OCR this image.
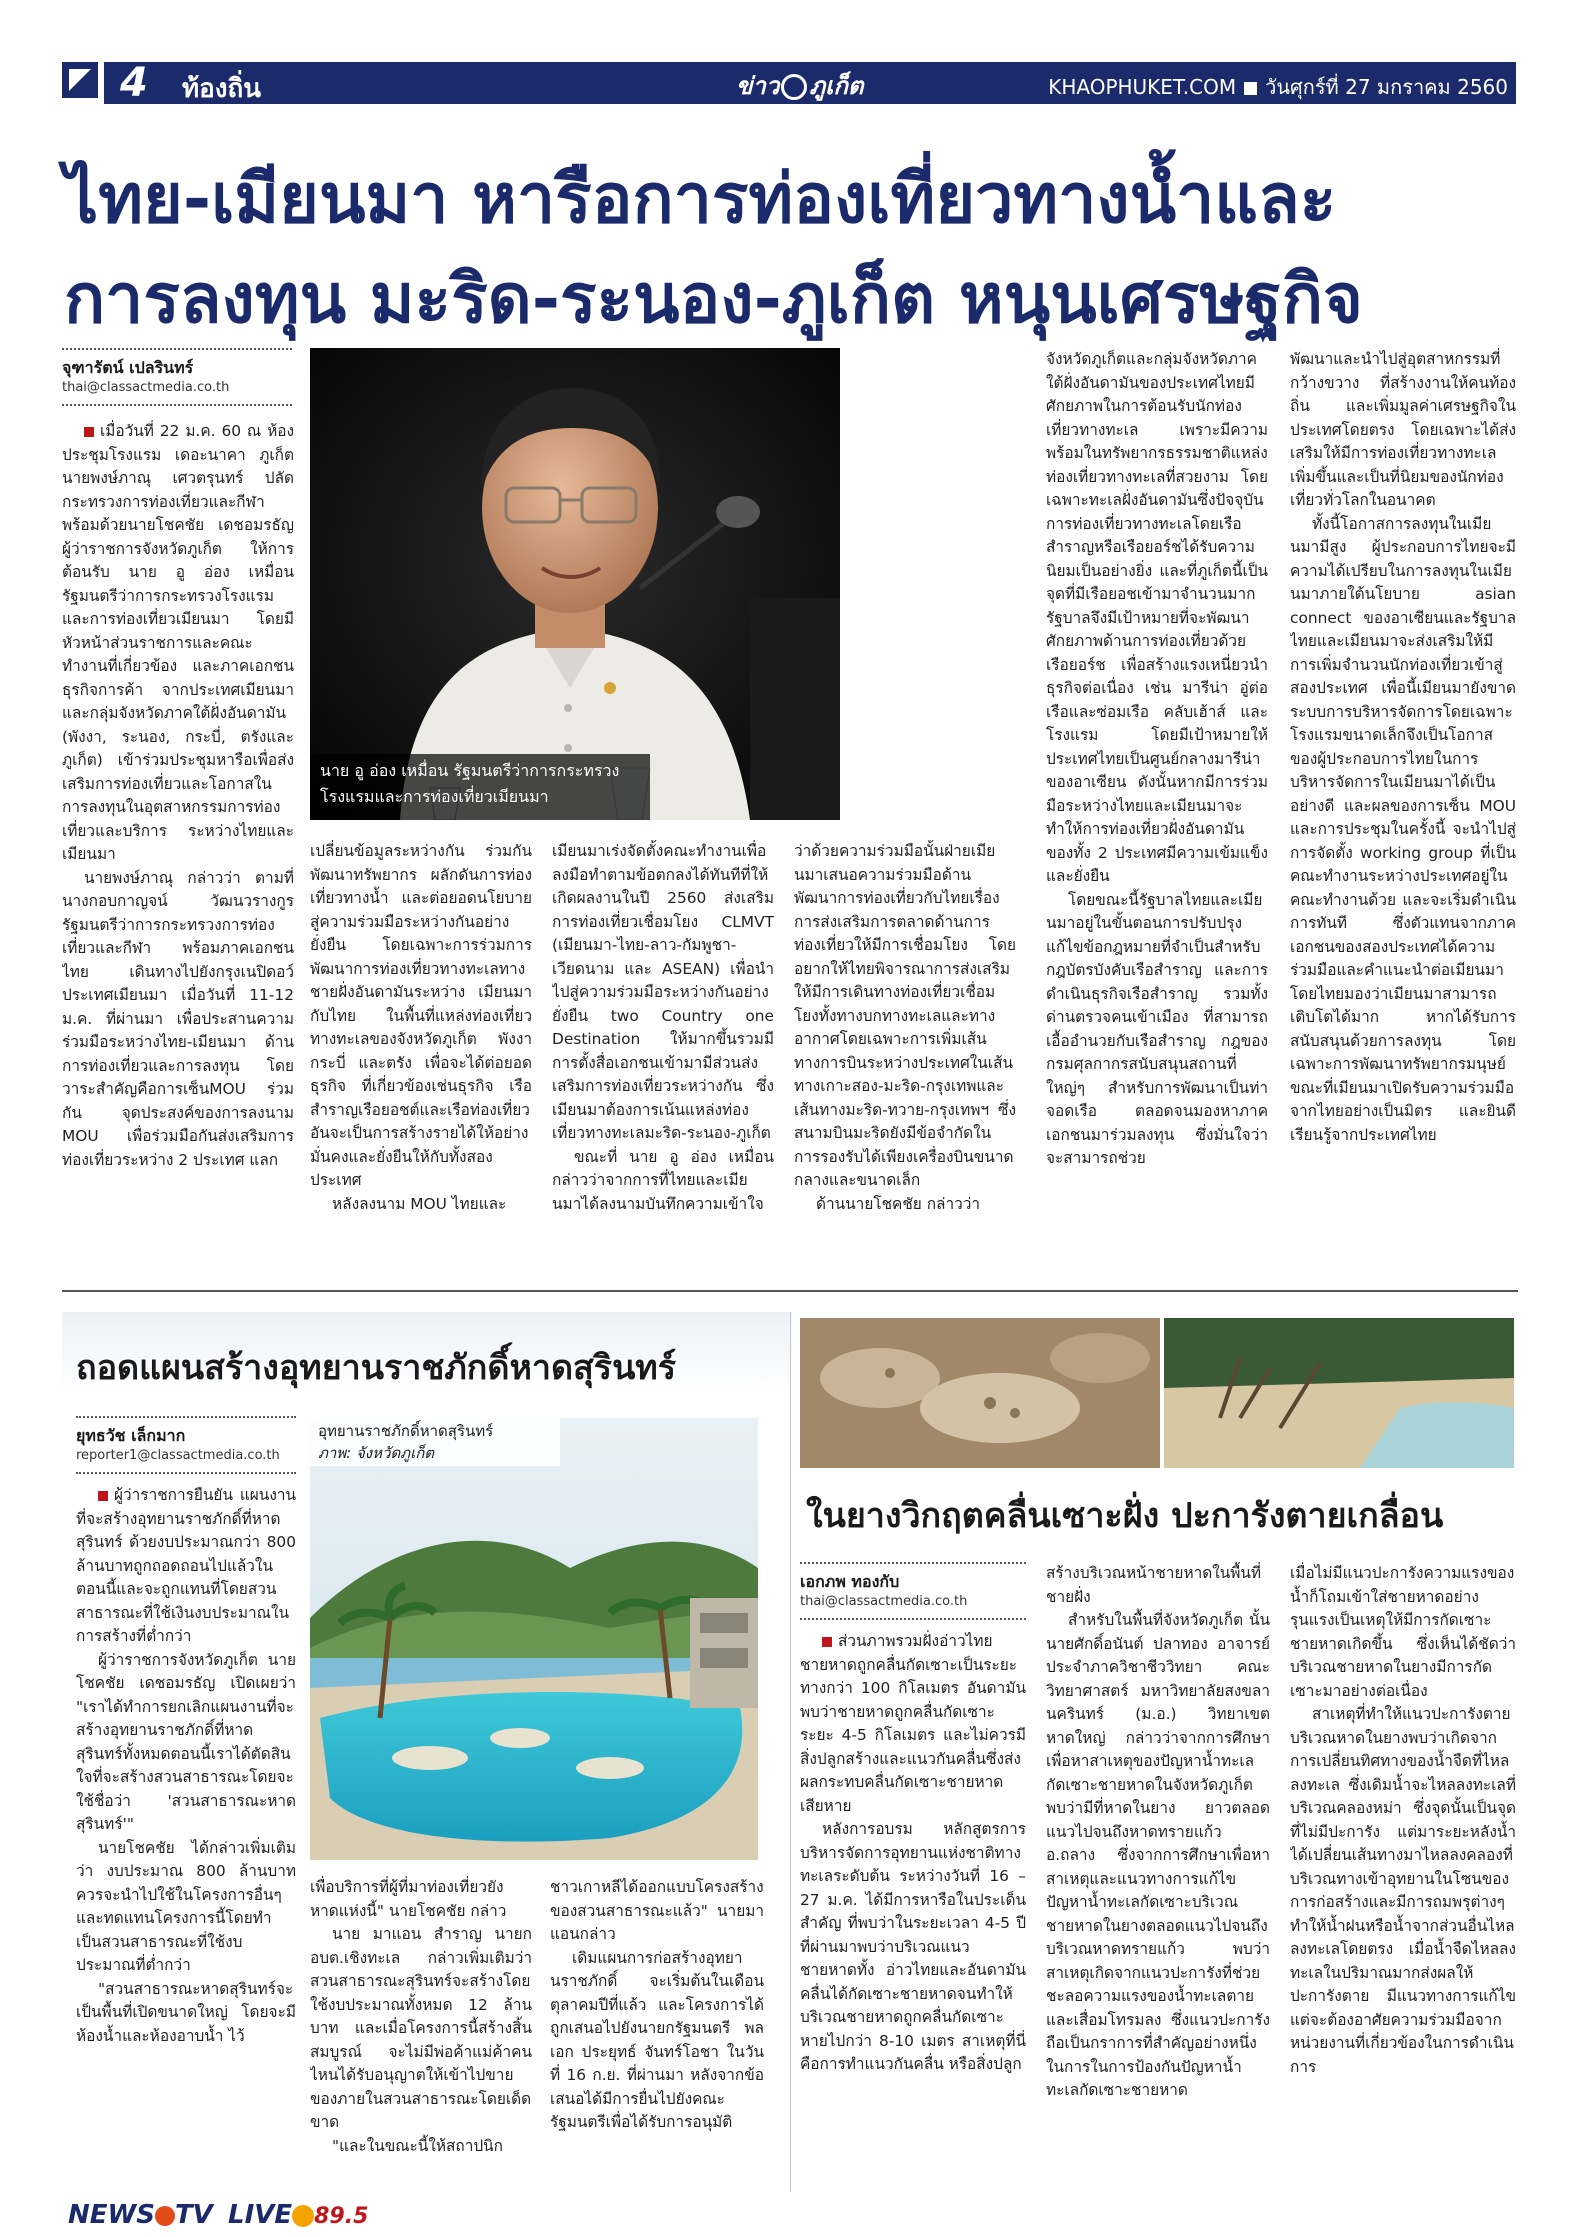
4 ท้องถิ่น	ข่าว ภูเก็ต	KHAOPHUKET.COM วันศุกร์ที่ 27 มกราคม 2560
ไทย-เมียนมา หารือการท่องเที่ยวทางน้ำและ
การลงทุน มะริด-ระนอง-ภูเก็ต หนุนเศรษฐกิจ
จุฑารัตน์ เปลรินทร์
thai@classactmedia.co.th

เมื่อวันที่ 22 ม.ค. 60 ณ ห้องประชุมโรงแรม เดอะนาคา ภูเก็ต นายพงษ์ภาณุ เศวตรุนทร์ ปลัดกระทรวงการท่องเที่ยวและกีฬา พร้อมด้วยนายโชคชัย เดชอมรธัญ ผู้ว่าราชการจังหวัดภูเก็ต ให้การต้อนรับ นาย อู อ่อง เหมื่อน รัฐมนตรีว่าการกระทรวงโรงแรมและการท่องเที่ยวเมียนมา โดยมีหัวหน้าส่วนราชการและคณะทำงานที่เกี่ยวข้อง และภาคเอกชนธุรกิจการค้า จากประเทศเมียนมา และกลุ่มจังหวัดภาคใต้ฝั่งอันดามัน (พังงา, ระนอง, กระบี่, ตรังและภูเก็ต) เข้าร่วมประชุมหารือเพื่อส่งเสริมการท่องเที่ยวและโอกาสในการลงทุนในอุตสาหกรรมการท่องเที่ยวและบริการ ระหว่างไทยและเมียนมา

นายพงษ์ภาณุ กล่าวว่า ตามที่นางกอบกาญจน์ วัฒนวรางกูร รัฐมนตรีว่าการกระทรวงการท่องเที่ยวและกีฬา พร้อมภาคเอกชนไทย เดินทางไปยังกรุงเนปิดอว์ ประเทศเมียนมา เมื่อวันที่ 11-12 ม.ค. ที่ผ่านมา เพื่อประสานความร่วมมือระหว่างไทย-เมียนมา ด้านการท่องเที่ยวและการลงทุน โดยวาระสำคัญคือการเซ็นMOU ร่วมกัน จุดประสงค์ของการลงนาม MOU เพื่อร่วมมือกันส่งเสริมการท่องเที่ยวระหว่าง 2 ประเทศ แลก

นาย อู อ่อง เหมื่อน รัฐมนตรีว่าการกระทรวงโรงแรมและการท่องเที่ยวเมียนมา

เปลี่ยนข้อมูลระหว่างกัน ร่วมกันพัฒนาทรัพยากร ผลักดันการท่องเที่ยวทางน้ำ และต่อยอดนโยบายสู่ความร่วมมือระหว่างกันอย่างยั่งยืน โดยเฉพาะการร่วมการพัฒนาการท่องเที่ยวทางทะเลทางชายฝั่งอันดามันระหว่าง เมียนมากับไทย ในพื้นที่แหล่งท่องเที่ยวทางทะเลของจังหวัดภูเก็ต พังงา กระบี่ และตรัง เพื่อจะได้ต่อยอดธุรกิจ ที่เกี่ยวข้องเช่นธุรกิจ เรือสำราญเรือยอชต์และเรือท่องเที่ยวอันจะเป็นการสร้างรายได้ให้อย่างมั่นคงและยั่งยืนให้กับทั้งสองประเทศ

หลังลงนาม MOU ไทยและ

เมียนมาเร่งจัดตั้งคณะทำงานเพื่อลงมือทำตามข้อตกลงได้ทันทีที่ให้เกิดผลงานในปี 2560 ส่งเสริมการท่องเที่ยวเชื่อมโยง CLMVT (เมียนมา-ไทย-ลาว-กัมพูชา-เวียดนาม และ ASEAN) เพื่อนำไปสู่ความร่วมมือระหว่างกันอย่างยั่งยืน two Country one Destination ให้มากขึ้นรวมมีการตั้งสื่อเอกชนเข้ามามีส่วนส่งเสริมการท่องเที่ยวระหว่างกัน ซึ่งเมียนมาต้องการเน้นแหล่งท่องเที่ยวทางทะเลมะริด-ระนอง-ภูเก็ต

ขณะที่ นาย อู อ่อง เหมื่อน กล่าวว่าจากการที่ไทยและเมียนมาได้ลงนามบันทึกความเข้าใจ

ว่าด้วยความร่วมมือนั้นฝ่ายเมียนมาเสนอความร่วมมือด้านพัฒนาการท่องเที่ยวกับไทยเรื่องการส่งเสริมการตลาดด้านการท่องเที่ยวให้มีการเชื่อมโยง โดยอยากให้ไทยพิจารณาการส่งเสริมให้มีการเดินทางท่องเที่ยวเชื่อมโยงทั้งทางบกทางทะเลและทางอากาศโดยเฉพาะการเพิ่มเส้นทางการบินระหว่างประเทศในเส้นทางเกาะสอง-มะริด-กรุงเทพและเส้นทางมะริด-ทวาย-กรุงเทพฯ ซึ่งสนามบินมะริดยังมีข้อจำกัดในการรองรับได้เพียงเครื่องบินขนาดกลางและขนาดเล็ก

ด้านนายโชคชัย กล่าวว่า

จังหวัดภูเก็ตและกลุ่มจังหวัดภาคใต้ฝั่งอันดามันของประเทศไทยมีศักยภาพในการต้อนรับนักท่องเที่ยวทางทะเล เพราะมีความพร้อมในทรัพยากรธรรมชาติแหล่งท่องเที่ยวทางทะเลที่สวยงาม โดยเฉพาะทะเลฝั่งอันดามันซึ่งปัจจุบันการท่องเที่ยวทางทะเลโดยเรือสำราญหรือเรือยอร์ชได้รับความนิยมเป็นอย่างยิ่ง และที่ภูเก็ตนี้เป็นจุดที่มีเรือยอชเข้ามาจำนวนมาก รัฐบาลจึงมีเป้าหมายที่จะพัฒนาศักยภาพด้านการท่องเที่ยวด้วยเรือยอร์ช เพื่อสร้างแรงเหนี่ยวนำธุรกิจต่อเนื่อง เช่น มารีน่า อู่ต่อเรือและซ่อมเรือ คลับเฮ้าส์ และโรงแรม โดยมีเป้าหมายให้ประเทศไทยเป็นศูนย์กลางมารีน่าของอาเซียน ดังนั้นหากมีการร่วมมือระหว่างไทยและเมียนมาจะทำให้การท่องเที่ยวฝั่งอันดามันของทั้ง 2 ประเทศมีความเข้มแข็งและยั่งยืน

โดยขณะนี้รัฐบาลไทยและเมียนมาอยู่ในขั้นตอนการปรับปรุงแก้ไขข้อกฎหมายที่จำเป็นสำหรับกฎบัตรบังคับเรือสำราญ และการดำเนินธุรกิจเรือสำราญ รวมทั้งด่านตรวจคนเข้าเมือง ที่สามารถเอื้ออำนวยกับเรือสำราญ กฎของกรมศุลกากรสนับสนุนสถานที่ใหญ่ๆ สำหรับการพัฒนาเป็นท่าจอดเรือ ตลอดจนมองหาภาคเอกชนมาร่วมลงทุน ซึ่งมั่นใจว่าจะสามารถช่วย

พัฒนาและนำไปสู่อุตสาหกรรมที่กว้างขวาง ที่สร้างงานให้คนท้องถิ่น และเพิ่มมูลค่าเศรษฐกิจในประเทศโดยตรง โดยเฉพาะได้ส่งเสริมให้มีการท่องเที่ยวทางทะเลเพิ่มขึ้นและเป็นที่นิยมของนักท่องเที่ยวทั่วโลกในอนาคต

ทั้งนี้โอกาสการลงทุนในเมียนมามีสูง ผู้ประกอบการไทยจะมีความได้เปรียบในการลงทุนในเมียนมาภายใต้นโยบาย asian connect ของอาเซียนและรัฐบาลไทยและเมียนมาจะส่งเสริมให้มีการเพิ่มจำนวนนักท่องเที่ยวเข้าสู่สองประเทศ เพื่อนี้เมียนมายังขาดระบบการบริหารจัดการโดยเฉพาะโรงแรมขนาดเล็กจึงเป็นโอกาสของผู้ประกอบการไทยในการบริหารจัดการในเมียนมาได้เป็นอย่างดี และผลของการเซ็น MOU และการประชุมในครั้งนี้ จะนำไปสู่การจัดตั้ง working group ที่เป็นคณะทำงานระหว่างประเทศอยู่ในคณะทำงานด้วย และจะเริ่มดำเนินการทันที ซึ่งตัวแทนจากภาคเอกชนของสองประเทศได้ความร่วมมือและคำแนะนำต่อเมียนมาโดยไทยมองว่าเมียนมาสามารถเติบโตได้มาก หากได้รับการสนับสนุนด้วยการลงทุน โดยเฉพาะการพัฒนาทรัพยากรมนุษย์ ขณะที่เมียนมาเปิดรับความร่วมมือจากไทยอย่างเป็นมิตร และยินดีเรียนรู้จากประเทศไทย

ถอดแผนสร้างอุทยานราชภักดิ์หาดสุรินทร์
ยุทธวัช เล็กมาก
reporter1@classactmedia.co.th

ผู้ว่าราชการยืนยัน แผนงานที่จะสร้างอุทยานราชภักดิ์ที่หาดสุรินทร์ ด้วยงบประมาณกว่า 800 ล้านบาทถูกถอดถอนไปแล้วในตอนนี้และจะถูกแทนที่โดยสวนสาธารณะที่ใช้เงินงบประมาณในการสร้างที่ต่ำกว่า

ผู้ว่าราชการจังหวัดภูเก็ต นายโชคชัย เดชอมรธัญ เปิดเผยว่า "เราได้ทำการยกเลิกแผนงานที่จะสร้างอุทยานราชภักดิ์ที่หาดสุรินทร์ทั้งหมดตอนนี้เราได้ตัดสินใจที่จะสร้างสวนสาธารณะโดยจะใช้ชื่อว่า 'สวนสาธารณะหาดสุรินทร์'"

นายโชคชัย ได้กล่าวเพิ่มเติมว่า งบประมาณ 800 ล้านบาทควรจะนำไปใช้ในโครงการอื่นๆ และทดแทนโครงการนี้โดยทำเป็นสวนสาธารณะที่ใช้งบประมาณที่ต่ำกว่า

"สวนสาธารณะหาดสุรินทร์จะเป็นพื้นที่เปิดขนาดใหญ่ โดยจะมีห้องน้ำและห้องอาบน้ำ ไว้

อุทยานราชภักดิ์หาดสุรินทร์
ภาพ: จังหวัดภูเก็ต

เพื่อบริการที่ผู้ที่มาท่องเที่ยวยังหาดแห่งนี้" นายโชคชัย กล่าว

นาย มาแอน สำราญ นายก อบต.เชิงทะเล กล่าวเพิ่มเติมว่า สวนสาธารณะสุรินทร์จะสร้างโดยใช้งบประมาณทั้งหมด 12 ล้านบาท และเมื่อโครงการนี้สร้างสิ้นสมบูรณ์ จะไม่มีพ่อค้าแม่ค้าคนไหนได้รับอนุญาตให้เข้าไปขายของภายในสวนสาธารณะโดยเด็ดขาด

"และในขณะนี้ให้สถาปนิก

ชาวเกาหลีได้ออกแบบโครงสร้างของสวนสาธารณะแล้ว" นายมาแอนกล่าว

เดิมแผนการก่อสร้างอุทยานราชภักดิ์ จะเริ่มต้นในเดือนตุลาคมปีที่แล้ว และโครงการได้ถูกเสนอไปยังนายกรัฐมนตรี พลเอก ประยุทธ์ จันทร์โอชา ในวันที่ 16 ก.ย. ที่ผ่านมา หลังจากข้อเสนอได้มีการยื่นไปยังคณะรัฐมนตรีเพื่อได้รับการอนุมัติ

ในยางวิกฤตคลื่นเซาะฝั่ง ปะการังตายเกลื่อน
เอกภพ ทองกับ
thai@classactmedia.co.th

ส่วนภาพรวมฝั่งอ่าวไทย ชายหาดถูกคลื่นกัดเซาะเป็นระยะทางกว่า 100 กิโลเมตร อันดามันพบว่าชายหาดถูกคลื่นกัดเซาะระยะ 4-5 กิโลเมตร และไม่ควรมีสิ่งปลูกสร้างและแนวกันคลื่นซึ่งส่งผลกระทบคลื่นกัดเซาะชายหาดเสียหาย

หลังการอบรม หลักสูตรการบริหารจัดการอุทยานแห่งชาติทางทะเลระดับต้น ระหว่างวันที่ 16 – 27 ม.ค. ได้มีการหารือในประเด็นสำคัญ ที่พบว่าในระยะเวลา 4-5 ปี ที่ผ่านมาพบว่าบริเวณแนวชายหาดทั้ง อ่าวไทยและอันดามัน คลื่นได้กัดเซาะชายหาดจนทำให้บริเวณชายหาดถูกคลื่นกัดเซาะหายไปกว่า 8-10 เมตร สาเหตุที่นี่คือการทำแนวกันคลื่น หรือสิ่งปลูก

สร้างบริเวณหน้าชายหาดในพื้นที่ชายฝั่ง

สำหรับในพื้นที่จังหวัดภูเก็ต นั้น นายศักดิ์อนันต์ ปลาทอง อาจารย์ประจำภาควิชาชีววิทยา คณะวิทยาศาสตร์ มหาวิทยาลัยสงขลานครินทร์ (ม.อ.) วิทยาเขตหาดใหญ่ กล่าวว่าจากการศึกษาเพื่อหาสาเหตุของปัญหาน้ำทะเลกัดเซาะชายหาดในจังหวัดภูเก็ตพบว่ามีที่หาดในยาง ยาวตลอดแนวไปจนถึงหาดทรายแก้ว อ.ถลาง ซึ่งจากการศึกษาเพื่อหาสาเหตุและแนวทางการแก้ไขปัญหาน้ำทะเลกัดเซาะบริเวณชายหาดในยางตลอดแนวไปจนถึงบริเวณหาดทรายแก้ว พบว่าสาเหตุเกิดจากแนวปะการังที่ช่วยชะลอความแรงของน้ำทะเลตายและเสื่อมโทรมลง ซึ่งแนวปะการังถือเป็นกราการที่สำคัญอย่างหนึ่งในการในการป้องกันปัญหาน้ำทะเลกัดเซาะชายหาด

เมื่อไม่มีแนวปะการังความแรงของน้ำก็โถมเข้าใส่ชายหาดอย่างรุนแรงเป็นเหตุให้มีการกัดเซาะชายหาดเกิดขึ้น ซึ่งเห็นได้ชัดว่าบริเวณชายหาดในยางมีการกัดเซาะมาอย่างต่อเนื่อง

สาเหตุที่ทำให้แนวปะการังตายบริเวณหาดในยางพบว่าเกิดจากการเปลี่ยนทิศทางของน้ำจืดที่ไหลลงทะเล ซึ่งเดิมน้ำจะไหลลงทะเลที่บริเวณคลองหม่า ซึ่งจุดนั้นเป็นจุดที่ไม่มีปะการัง แต่มาระยะหลังน้ำได้เปลี่ยนเส้นทางมาไหลลงคลองที่บริเวณทางเข้าอุทยานในโซนของการก่อสร้างและมีการถมพรุต่างๆ ทำให้น้ำฝนหรือน้ำจากส่วนอื่นไหลลงทะเลโดยตรง เมื่อน้ำจืดไหลลงทะเลในปริมาณมากส่งผลให้ปะการังตาย มีแนวทางการแก้ไขแต่จะต้องอาศัยความร่วมมือจากหน่วยงานที่เกี่ยวข้องในการดำเนินการ

NEWS TV LIVE 89.5
